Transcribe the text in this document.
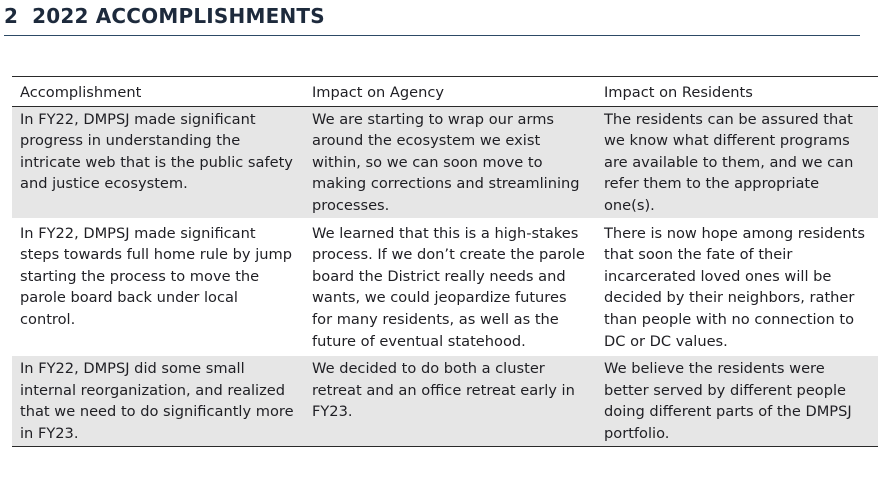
2 2022 ACCOMPLISHMENTS
Accomplishment	Impact on Agency	Impact on Residents
In FY22, DMPSJ made significant progress in understanding the intricate web that is the public safety and justice ecosystem.	We are starting to wrap our arms around the ecosystem we exist within, so we can soon move to making corrections and streamlining processes.	The residents can be assured that we know what different programs are available to them, and we can refer them to the appropriate one(s).

In FY22, DMPSJ made significant steps towards full home rule by jump starting the process to move the parole board back under local control.	We learned that this is a high-stakes process. If we don’t create the parole board the District really needs and wants, we could jeopardize futures for many residents, as well as the future of eventual statehood.	There is now hope among residents that soon the fate of their incarcerated loved ones will be decided by their neighbors, rather than people with no connection to DC or DC values.

In FY22, DMPSJ did some small internal reorganization, and realized that we need to do significantly more in FY23.	We decided to do both a cluster retreat and an office retreat early in FY23.	We believe the residents were better served by different people doing different parts of the DMPSJ portfolio.
